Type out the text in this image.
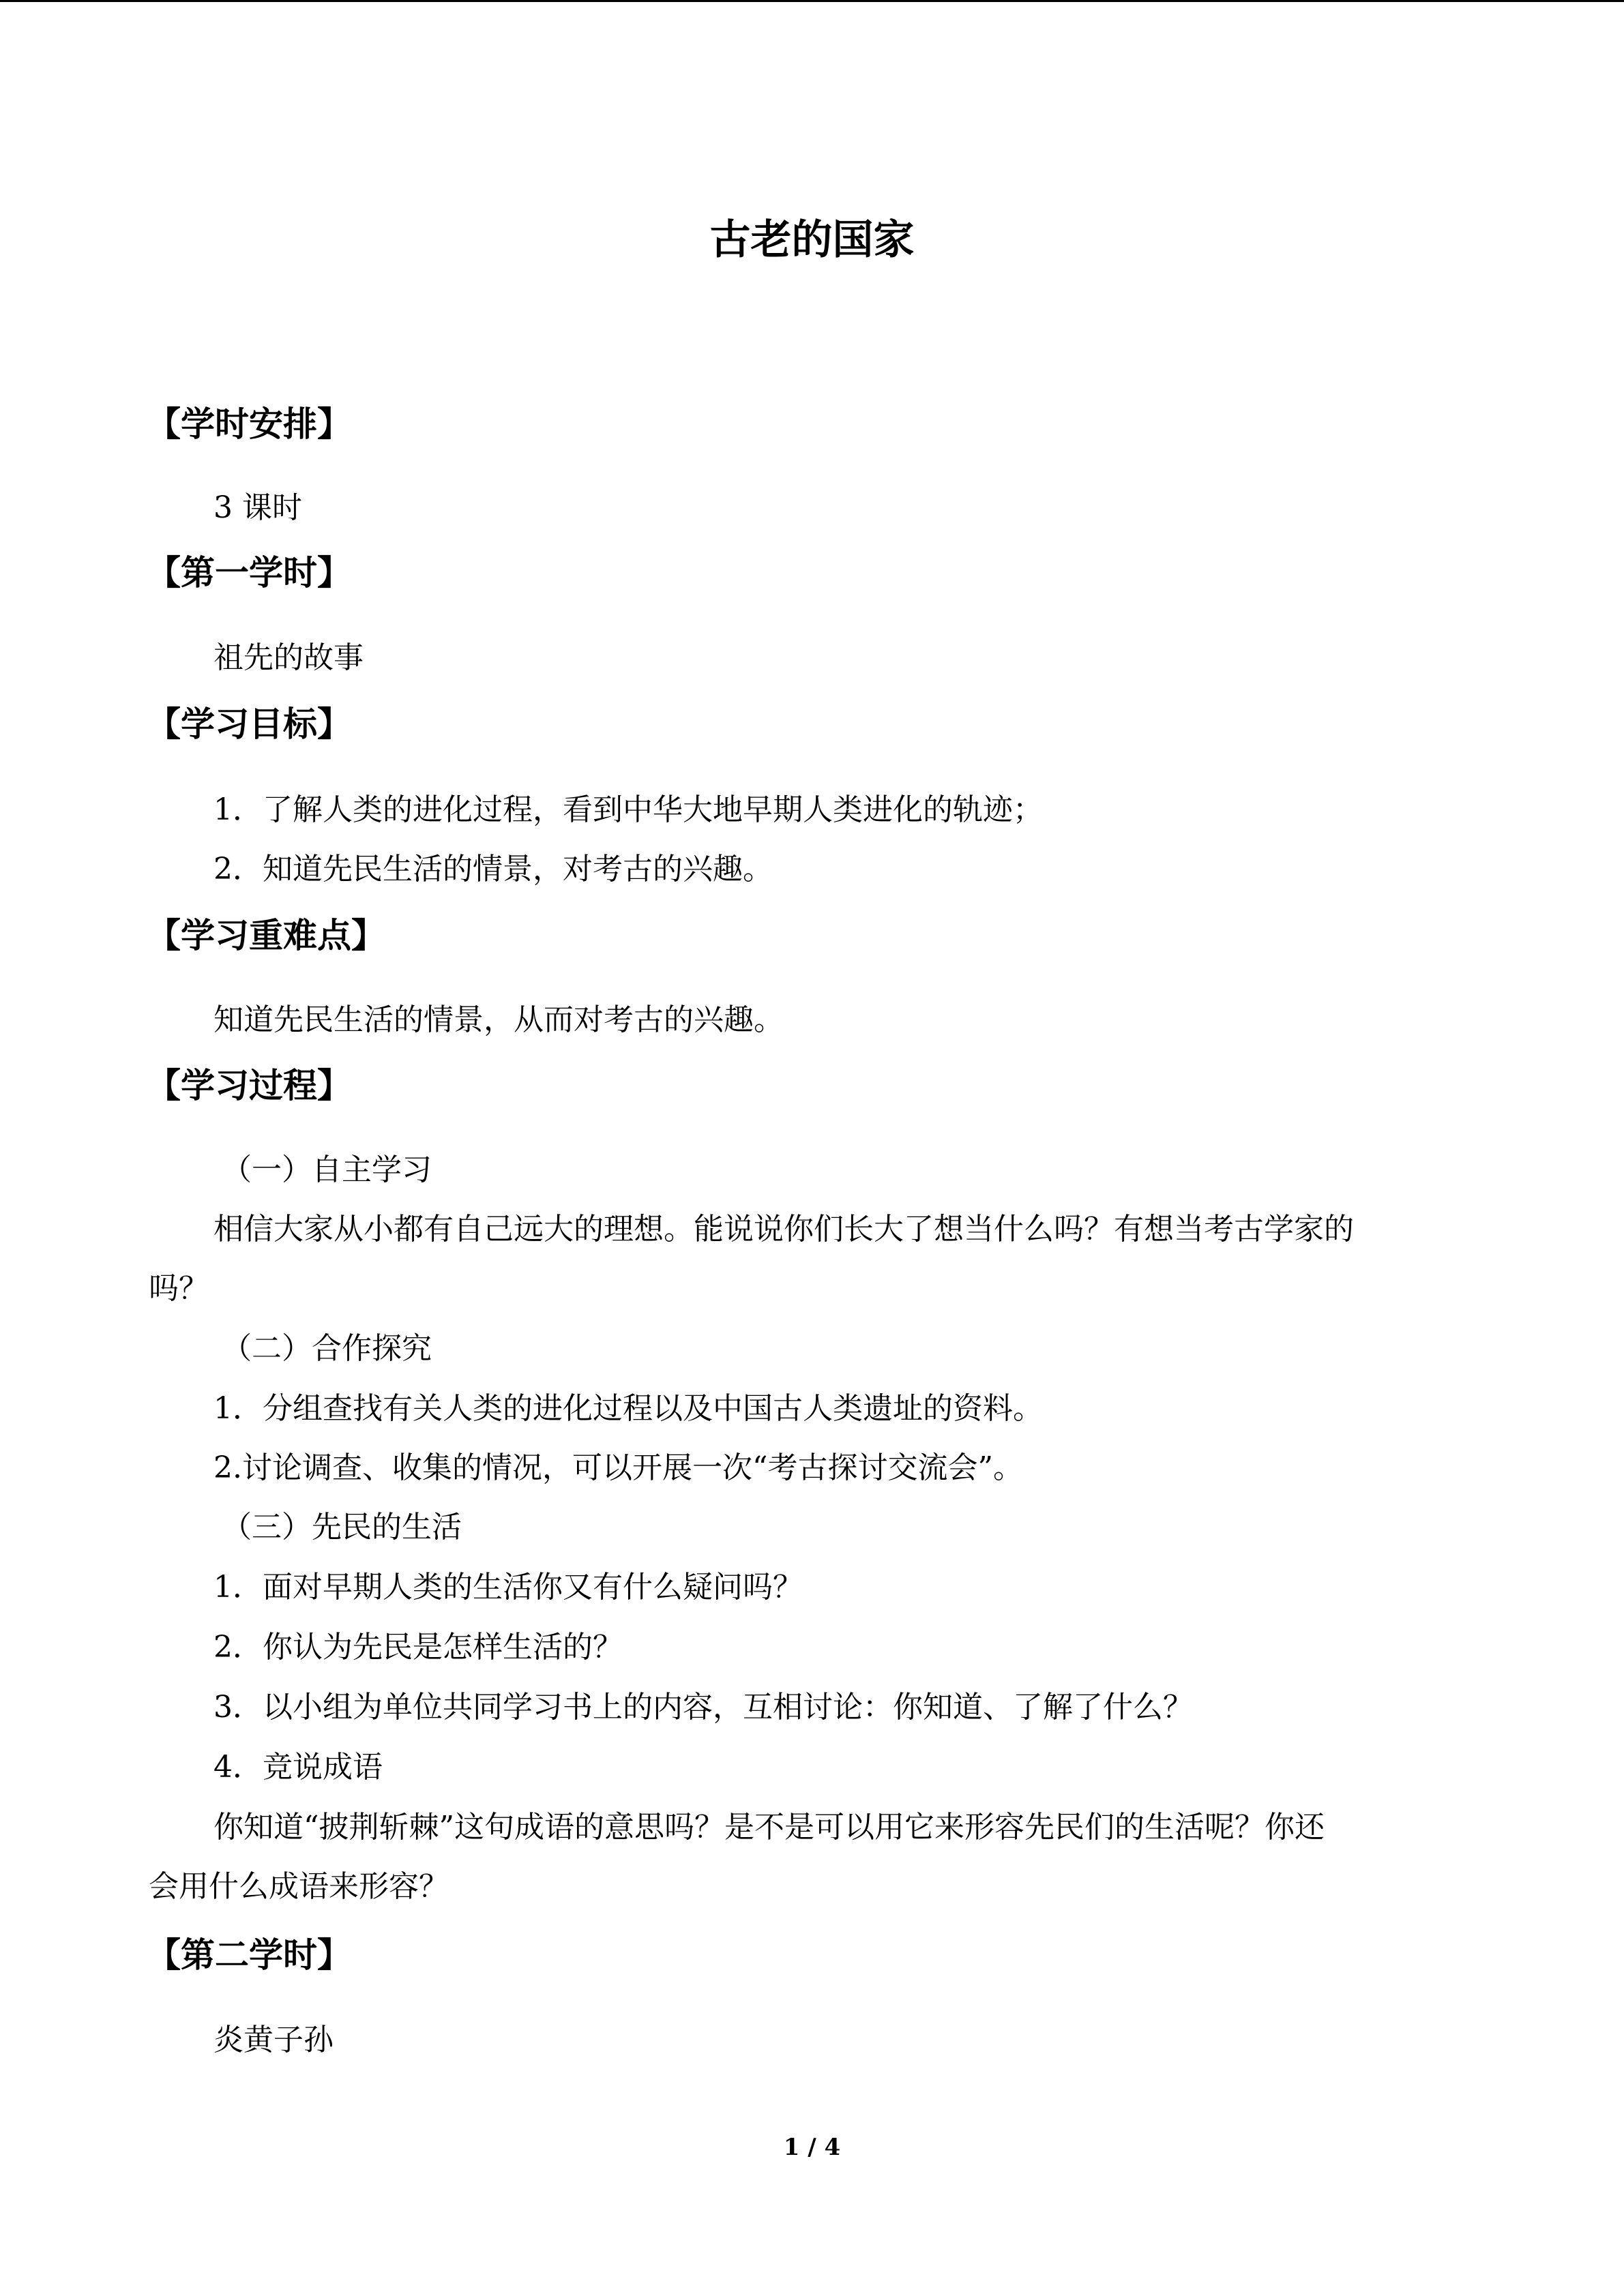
古老的国家
【学时安排】
3 课时
【第一学时】
祖先的故事
【学习目标】
1．了解人类的进化过程，看到中华大地早期人类进化的轨迹；
2．知道先民生活的情景，对考古的兴趣。
【学习重难点】
知道先民生活的情景，从而对考古的兴趣。
【学习过程】
（一）自主学习
相信大家从小都有自己远大的理想。能说说你们长大了想当什么吗？有想当考古学家的
吗？
（二）合作探究
1．分组查找有关人类的进化过程以及中国古人类遗址的资料。
2.讨论调查、收集的情况，可以开展一次“考古探讨交流会”。
（三）先民的生活
1．面对早期人类的生活你又有什么疑问吗？
2．你认为先民是怎样生活的？
3．以小组为单位共同学习书上的内容，互相讨论：你知道、了解了什么？
4．竞说成语
你知道“披荆斩棘”这句成语的意思吗？是不是可以用它来形容先民们的生活呢？你还
会用什么成语来形容？
【第二学时】
炎黄子孙
1 / 4
